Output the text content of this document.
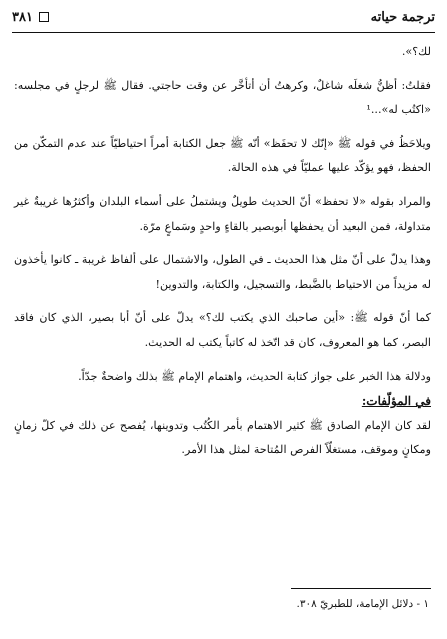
ترجمة حياته
٣٨١

لك؟».

فقلتُ: أظنُّ شغلَه شاغلٌ، وكرهتُ أن أتأخَّر عن وقت حاجتي. فقال ﷺ لرجلٍ في مجلسه: «اكتُب له»...¹

ويلاحَظُ في قوله ﷺ «إنّك لا تحفَظ» أنّه ﷺ جعل الكتابة أمراً احتياطيّاً عند عدم التمكّن من الحفظ، فهو يؤكّد عليها عمليّاً في هذه الحالة.

والمراد بقوله «لا تحفظ» أنّ الحديث طويلٌ ويشتملُ على أسماء البلدان وأكثرُها غريبةٌ غير متداولة، فمن البعيد أن يحفظها أبوبصير بالقاءٍ واحدٍ وسَماعٍ مرّة.

وهذا يدلّ على أنّ مثل هذا الحديث ـ في الطول، والاشتمال على ألفاظ غريبة ـ كانوا يأخذون له مزيداً من الاحتياط بالضَّبط، والتسجيل، والكتابة، والتدوين!

كما أنّ قوله ﷺ: «أين صاحبك الذي يكتب لك؟» يدلّ على أنّ أبا بصير، الذي كان فاقد البصر، كما هو المعروف، كان قد اتّخذ له كاتباً يكتب له الحديث.

ودلالة هذا الخبر على جواز كتابة الحديث، واهتمام الإمام ﷺ بذلك واضحةٌ جدّاً.

في المؤلّفات:

لقد كان الإمام الصادق ﷺ كثير الاهتمام بأمر الكُتُب وتدوينها، يُفصح عن ذلك في كلّ زمانٍ ومكانٍ وموقف، مستغلّاً الفرص المُتاحة لمثل هذا الأمر.

١ - دلائل الإمامة، للطبريّ ٣٠٨.
